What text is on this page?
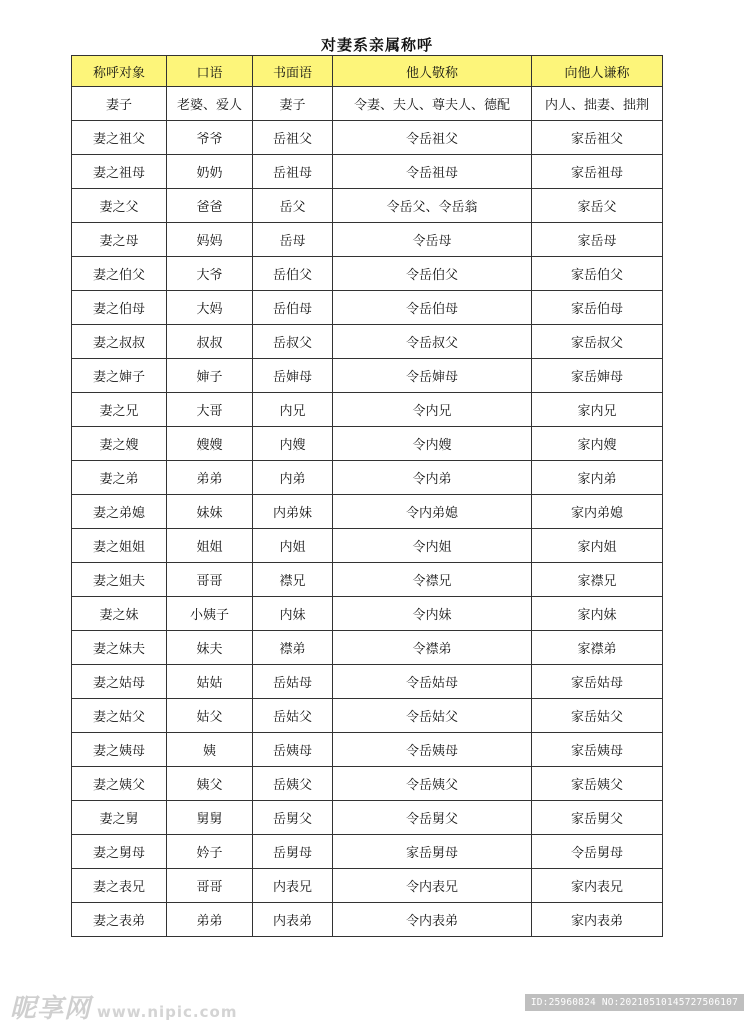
对妻系亲属称呼
称呼对象	口语	书面语	他人敬称	向他人谦称
妻子	老婆、爱人	妻子	令妻、夫人、尊夫人、德配	内人、拙妻、拙荆
妻之祖父	爷爷	岳祖父	令岳祖父	家岳祖父
妻之祖母	奶奶	岳祖母	令岳祖母	家岳祖母
妻之父	爸爸	岳父	令岳父、令岳翁	家岳父
妻之母	妈妈	岳母	令岳母	家岳母
妻之伯父	大爷	岳伯父	令岳伯父	家岳伯父
妻之伯母	大妈	岳伯母	令岳伯母	家岳伯母
妻之叔叔	叔叔	岳叔父	令岳叔父	家岳叔父
妻之婶子	婶子	岳婶母	令岳婶母	家岳婶母
妻之兄	大哥	内兄	令内兄	家内兄
妻之嫂	嫂嫂	内嫂	令内嫂	家内嫂
妻之弟	弟弟	内弟	令内弟	家内弟
妻之弟媳	妹妹	内弟妹	令内弟媳	家内弟媳
妻之姐姐	姐姐	内姐	令内姐	家内姐
妻之姐夫	哥哥	襟兄	令襟兄	家襟兄
妻之妹	小姨子	内妹	令内妹	家内妹
妻之妹夫	妹夫	襟弟	令襟弟	家襟弟
妻之姑母	姑姑	岳姑母	令岳姑母	家岳姑母
妻之姑父	姑父	岳姑父	令岳姑父	家岳姑父
妻之姨母	姨	岳姨母	令岳姨母	家岳姨母
妻之姨父	姨父	岳姨父	令岳姨父	家岳姨父
妻之舅	舅舅	岳舅父	令岳舅父	家岳舅父
妻之舅母	妗子	岳舅母	家岳舅母	令岳舅母
妻之表兄	哥哥	内表兄	令内表兄	家内表兄
妻之表弟	弟弟	内表弟	令内表弟	家内表弟
昵享网 www.nipic.com
ID:25960824 NO:20210510145727506107
